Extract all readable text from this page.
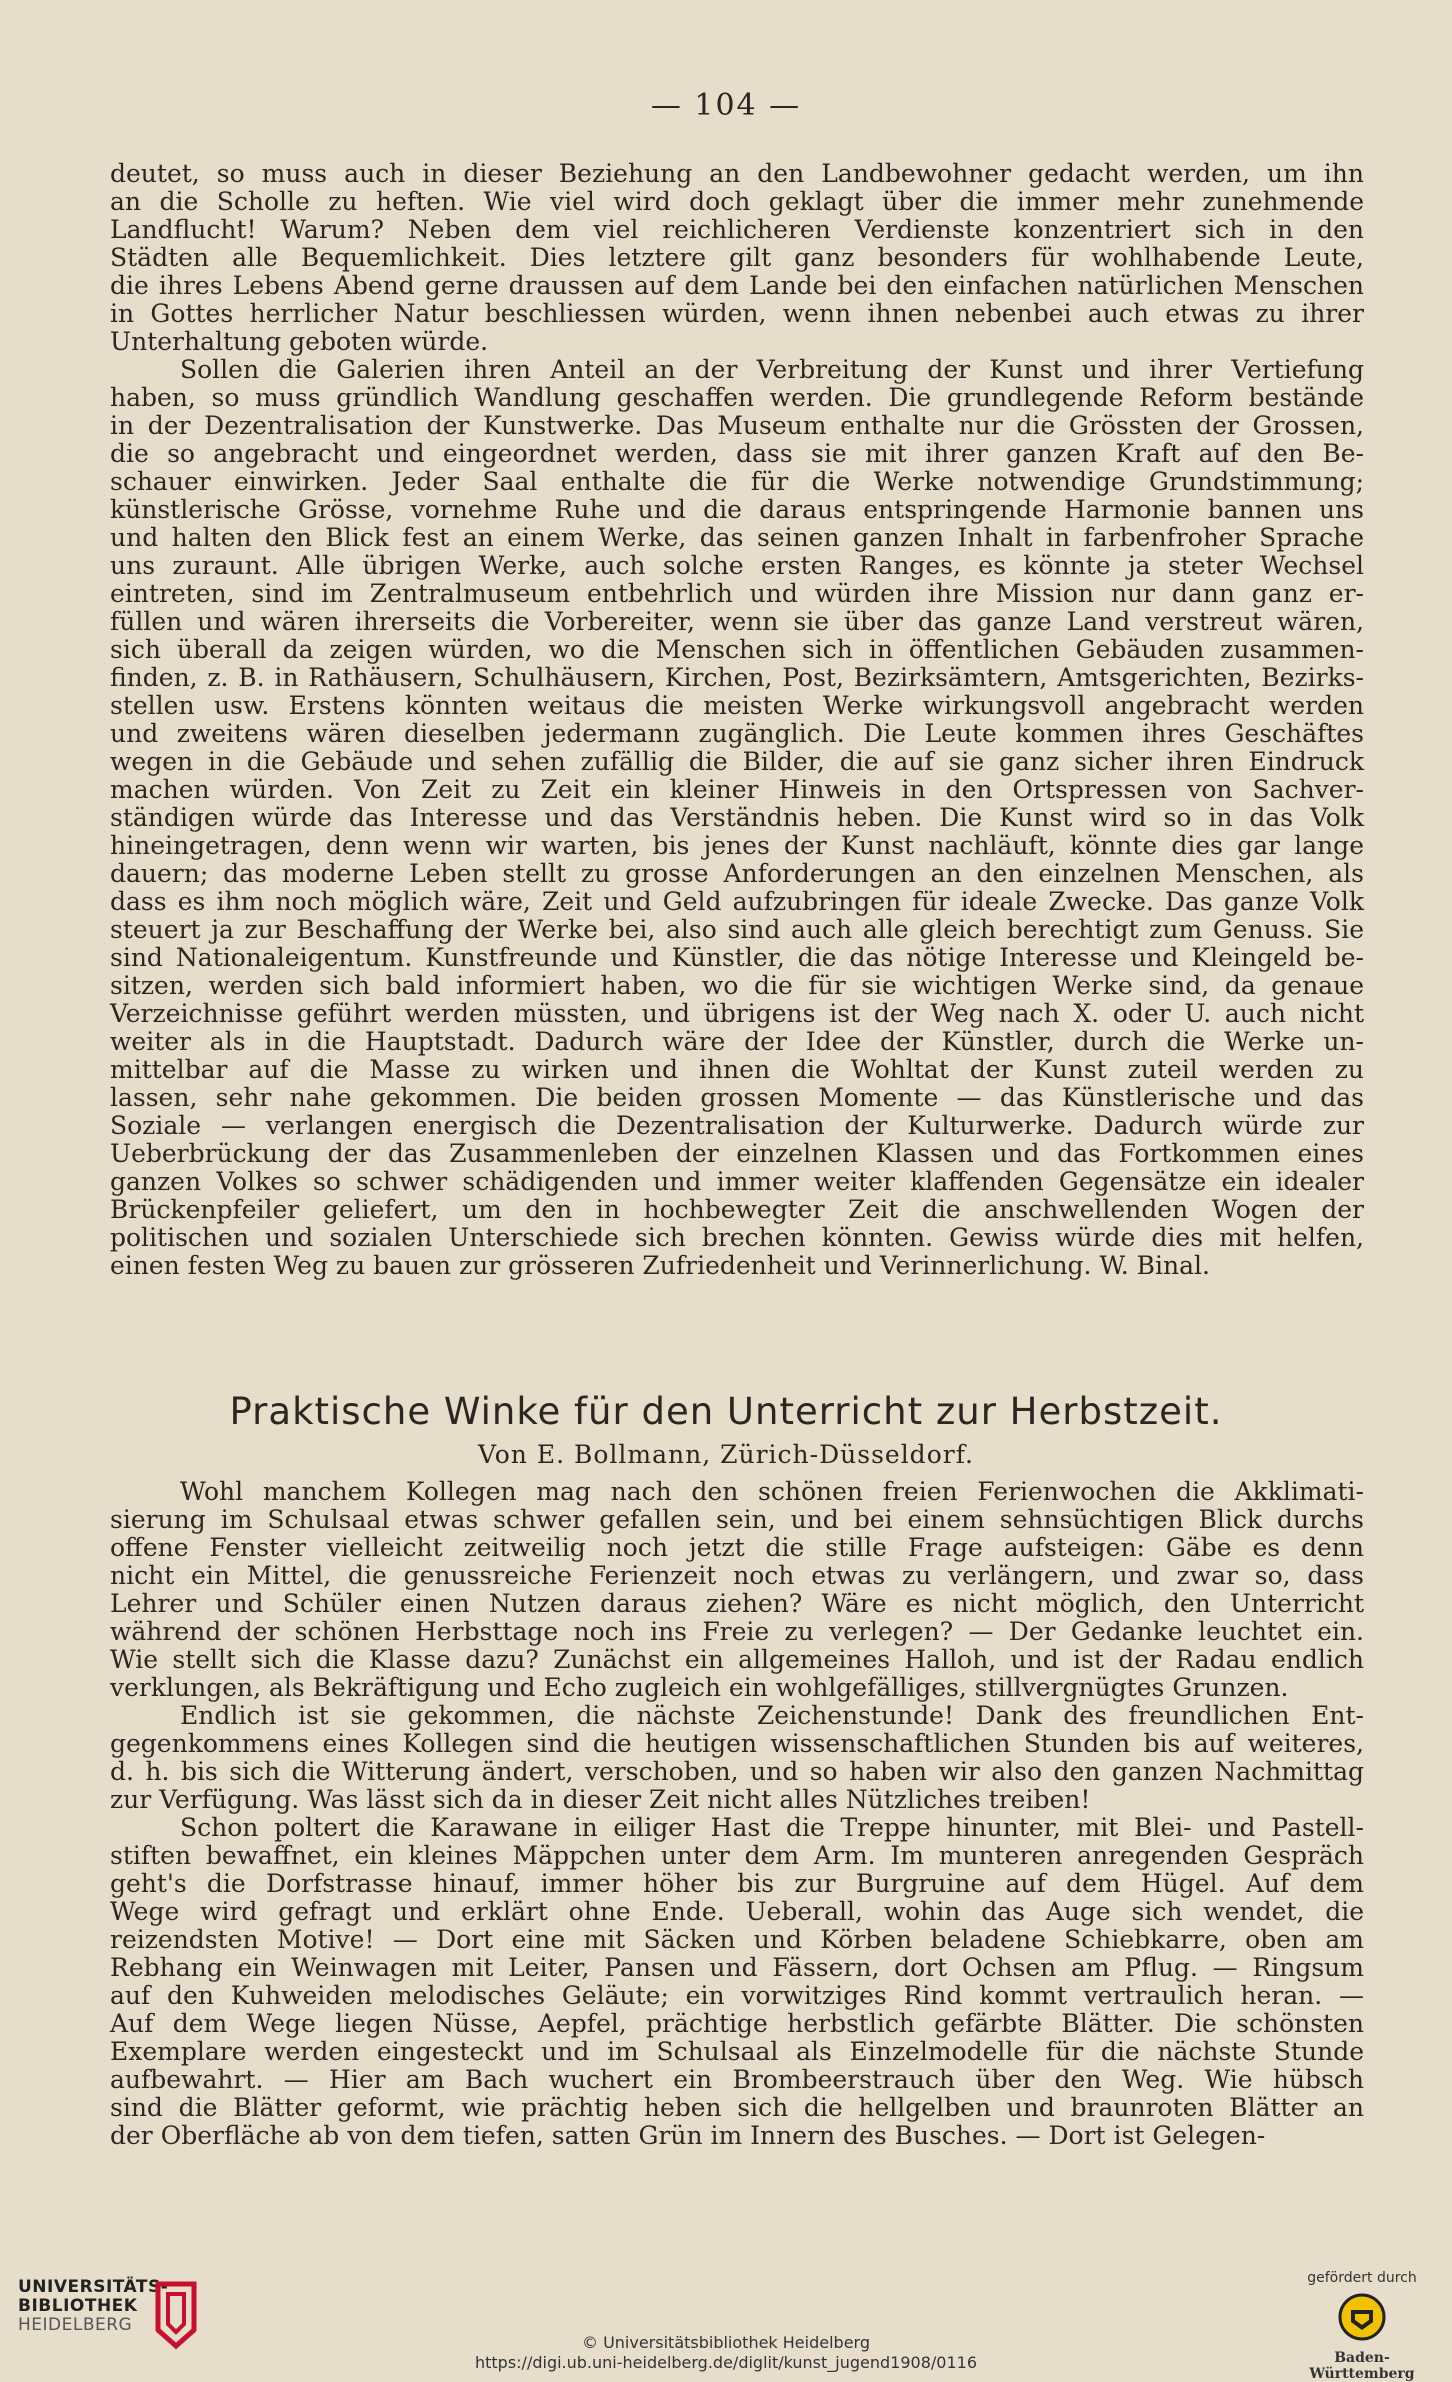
— 104 —
deutet, so muss auch in dieser Beziehung an den Landbewohner gedacht werden, um ihn
an die Scholle zu heften. Wie viel wird doch geklagt über die immer mehr zunehmende
Landflucht! Warum? Neben dem viel reichlicheren Verdienste konzentriert sich in den
Städten alle Bequemlichkeit. Dies letztere gilt ganz besonders für wohlhabende Leute,
die ihres Lebens Abend gerne draussen auf dem Lande bei den einfachen natürlichen Menschen
in Gottes herrlicher Natur beschliessen würden, wenn ihnen nebenbei auch etwas zu ihrer
Unterhaltung geboten würde.
Sollen die Galerien ihren Anteil an der Verbreitung der Kunst und ihrer Vertiefung
haben, so muss gründlich Wandlung geschaffen werden. Die grundlegende Reform bestände
in der Dezentralisation der Kunstwerke. Das Museum enthalte nur die Grössten der Grossen,
die so angebracht und eingeordnet werden, dass sie mit ihrer ganzen Kraft auf den Be-
schauer einwirken. Jeder Saal enthalte die für die Werke notwendige Grundstimmung;
künstlerische Grösse, vornehme Ruhe und die daraus entspringende Harmonie bannen uns
und halten den Blick fest an einem Werke, das seinen ganzen Inhalt in farbenfroher Sprache
uns zuraunt. Alle übrigen Werke, auch solche ersten Ranges, es könnte ja steter Wechsel
eintreten, sind im Zentralmuseum entbehrlich und würden ihre Mission nur dann ganz er-
füllen und wären ihrerseits die Vorbereiter, wenn sie über das ganze Land verstreut wären,
sich überall da zeigen würden, wo die Menschen sich in öffentlichen Gebäuden zusammen-
finden, z. B. in Rathäusern, Schulhäusern, Kirchen, Post, Bezirksämtern, Amtsgerichten, Bezirks-
stellen usw. Erstens könnten weitaus die meisten Werke wirkungsvoll angebracht werden
und zweitens wären dieselben jedermann zugänglich. Die Leute kommen ihres Geschäftes
wegen in die Gebäude und sehen zufällig die Bilder, die auf sie ganz sicher ihren Eindruck
machen würden. Von Zeit zu Zeit ein kleiner Hinweis in den Ortspressen von Sachver-
ständigen würde das Interesse und das Verständnis heben. Die Kunst wird so in das Volk
hineingetragen, denn wenn wir warten, bis jenes der Kunst nachläuft, könnte dies gar lange
dauern; das moderne Leben stellt zu grosse Anforderungen an den einzelnen Menschen, als
dass es ihm noch möglich wäre, Zeit und Geld aufzubringen für ideale Zwecke. Das ganze Volk
steuert ja zur Beschaffung der Werke bei, also sind auch alle gleich berechtigt zum Genuss. Sie
sind Nationaleigentum. Kunstfreunde und Künstler, die das nötige Interesse und Kleingeld be-
sitzen, werden sich bald informiert haben, wo die für sie wichtigen Werke sind, da genaue
Verzeichnisse geführt werden müssten, und übrigens ist der Weg nach X. oder U. auch nicht
weiter als in die Hauptstadt. Dadurch wäre der Idee der Künstler, durch die Werke un-
mittelbar auf die Masse zu wirken und ihnen die Wohltat der Kunst zuteil werden zu
lassen, sehr nahe gekommen. Die beiden grossen Momente — das Künstlerische und das
Soziale — verlangen energisch die Dezentralisation der Kulturwerke. Dadurch würde zur
Ueberbrückung der das Zusammenleben der einzelnen Klassen und das Fortkommen eines
ganzen Volkes so schwer schädigenden und immer weiter klaffenden Gegensätze ein idealer
Brückenpfeiler geliefert, um den in hochbewegter Zeit die anschwellenden Wogen der
politischen und sozialen Unterschiede sich brechen könnten. Gewiss würde dies mit helfen,
einen festen Weg zu bauen zur grösseren Zufriedenheit und Verinnerlichung. W. Binal.
Praktische Winke für den Unterricht zur Herbstzeit.
Von E. Bollmann, Zürich-Düsseldorf.
Wohl manchem Kollegen mag nach den schönen freien Ferienwochen die Akklimati-
sierung im Schulsaal etwas schwer gefallen sein, und bei einem sehnsüchtigen Blick durchs
offene Fenster vielleicht zeitweilig noch jetzt die stille Frage aufsteigen: Gäbe es denn
nicht ein Mittel, die genussreiche Ferienzeit noch etwas zu verlängern, und zwar so, dass
Lehrer und Schüler einen Nutzen daraus ziehen? Wäre es nicht möglich, den Unterricht
während der schönen Herbsttage noch ins Freie zu verlegen? — Der Gedanke leuchtet ein.
Wie stellt sich die Klasse dazu? Zunächst ein allgemeines Halloh, und ist der Radau endlich
verklungen, als Bekräftigung und Echo zugleich ein wohlgefälliges, stillvergnügtes Grunzen.
Endlich ist sie gekommen, die nächste Zeichenstunde! Dank des freundlichen Ent-
gegenkommens eines Kollegen sind die heutigen wissenschaftlichen Stunden bis auf weiteres,
d. h. bis sich die Witterung ändert, verschoben, und so haben wir also den ganzen Nachmittag
zur Verfügung. Was lässt sich da in dieser Zeit nicht alles Nützliches treiben!
Schon poltert die Karawane in eiliger Hast die Treppe hinunter, mit Blei- und Pastell-
stiften bewaffnet, ein kleines Mäppchen unter dem Arm. Im munteren anregenden Gespräch
geht's die Dorfstrasse hinauf, immer höher bis zur Burgruine auf dem Hügel. Auf dem
Wege wird gefragt und erklärt ohne Ende. Ueberall, wohin das Auge sich wendet, die
reizendsten Motive! — Dort eine mit Säcken und Körben beladene Schiebkarre, oben am
Rebhang ein Weinwagen mit Leiter, Pansen und Fässern, dort Ochsen am Pflug. — Ringsum
auf den Kuhweiden melodisches Geläute; ein vorwitziges Rind kommt vertraulich heran. —
Auf dem Wege liegen Nüsse, Aepfel, prächtige herbstlich gefärbte Blätter. Die schönsten
Exemplare werden eingesteckt und im Schulsaal als Einzelmodelle für die nächste Stunde
aufbewahrt. — Hier am Bach wuchert ein Brombeerstrauch über den Weg. Wie hübsch
sind die Blätter geformt, wie prächtig heben sich die hellgelben und braunroten Blätter an
der Oberfläche ab von dem tiefen, satten Grün im Innern des Busches. — Dort ist Gelegen-
UNIVERSITÄTS-
BIBLIOTHEK
HEIDELBERG
© Universitätsbibliothek Heidelberg
https://digi.ub.uni-heidelberg.de/diglit/kunst_jugend1908/0116
gefördert durch
Baden-Württemberg
